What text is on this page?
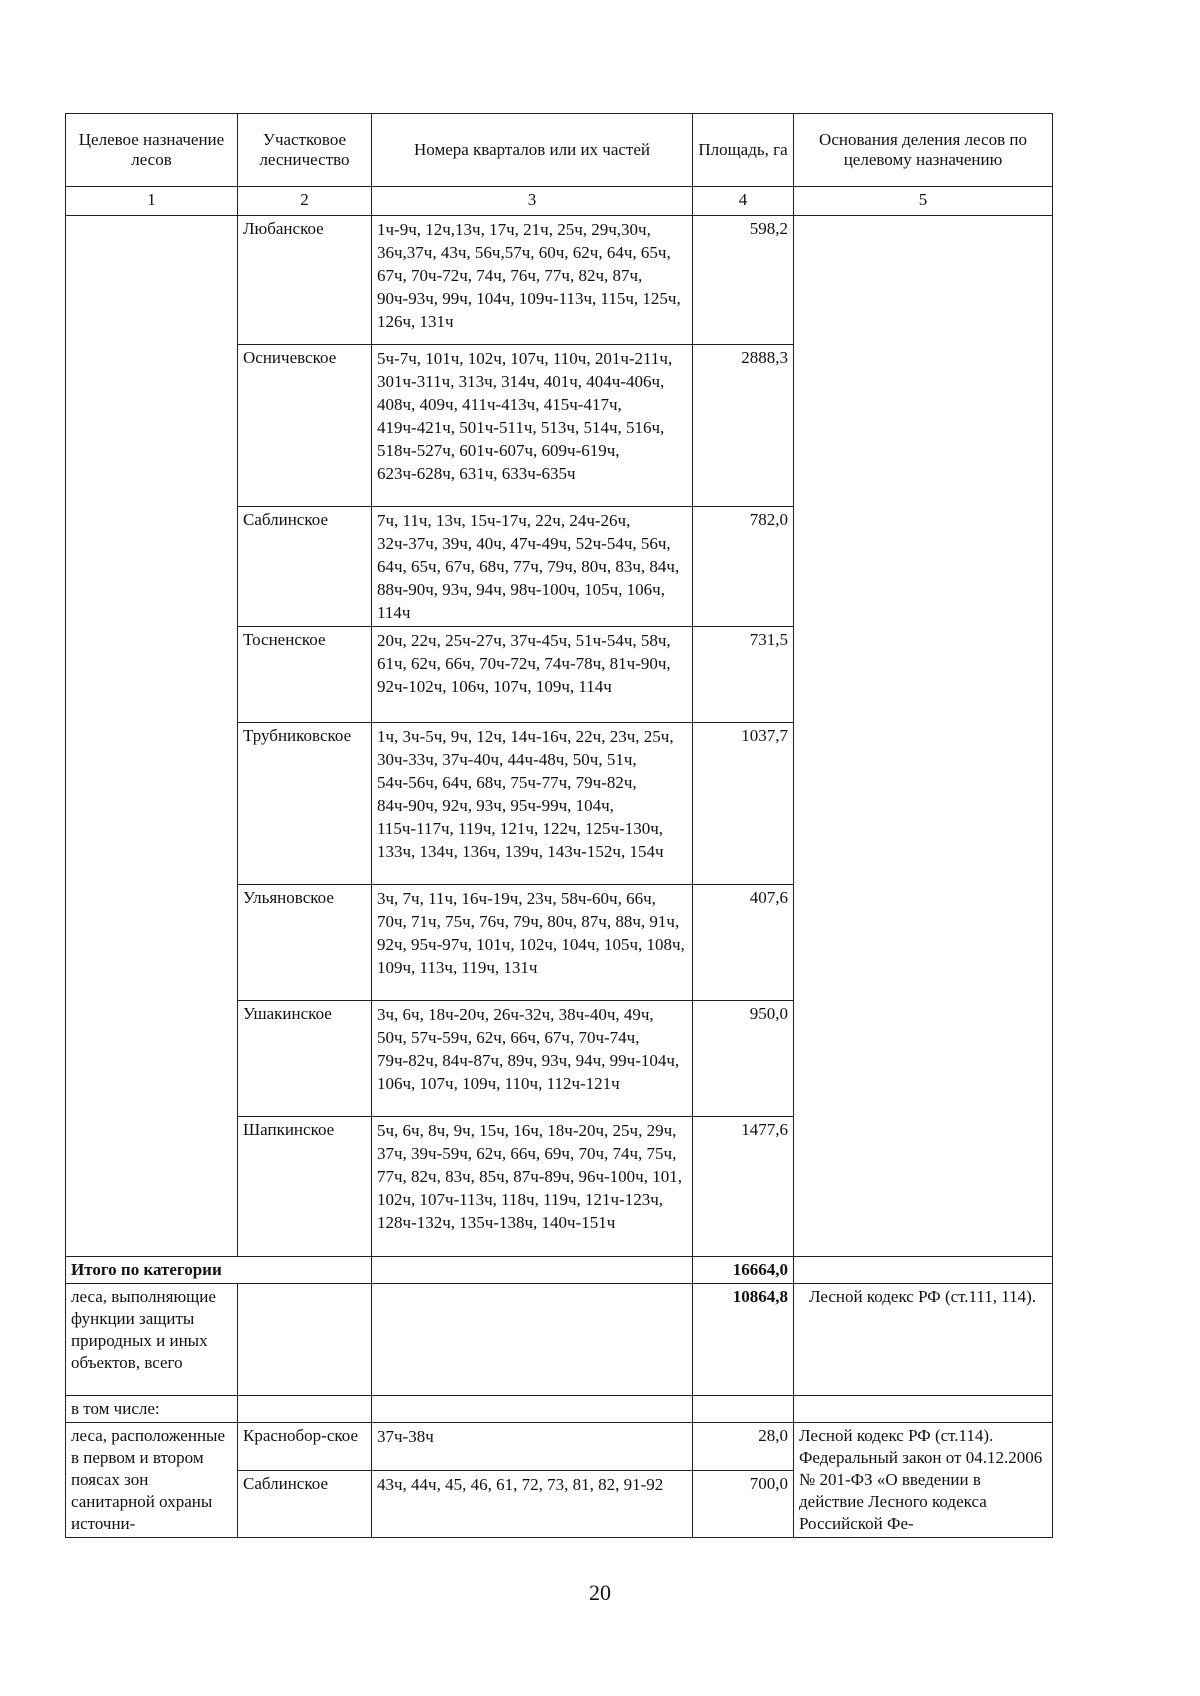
Целевое назначение лесов	Участковое лесничество	Номера кварталов или их частей	Площадь, га	Основания деления лесов по целевому назначению
1	2	3	4	5
	Любанское	1ч-9ч, 12ч,13ч, 17ч, 21ч, 25ч, 29ч,30ч, 36ч,37ч, 43ч, 56ч,57ч, 60ч, 62ч, 64ч, 65ч, 67ч, 70ч-72ч, 74ч, 76ч, 77ч, 82ч, 87ч, 90ч-93ч, 99ч, 104ч, 109ч-113ч, 115ч, 125ч, 126ч, 131ч	598,2	
	Осничевское	5ч-7ч, 101ч, 102ч, 107ч, 110ч, 201ч-211ч, 301ч-311ч, 313ч, 314ч, 401ч, 404ч-406ч, 408ч, 409ч, 411ч-413ч, 415ч-417ч, 419ч-421ч, 501ч-511ч, 513ч, 514ч, 516ч, 518ч-527ч, 601ч-607ч, 609ч-619ч, 623ч-628ч, 631ч, 633ч-635ч	2888,3	
	Саблинское	7ч, 11ч, 13ч, 15ч-17ч, 22ч, 24ч-26ч, 32ч-37ч, 39ч, 40ч, 47ч-49ч, 52ч-54ч, 56ч, 64ч, 65ч, 67ч, 68ч, 77ч, 79ч, 80ч, 83ч, 84ч, 88ч-90ч, 93ч, 94ч, 98ч-100ч, 105ч, 106ч, 114ч	782,0	
	Тосненское	20ч, 22ч, 25ч-27ч, 37ч-45ч, 51ч-54ч, 58ч, 61ч, 62ч, 66ч, 70ч-72ч, 74ч-78ч, 81ч-90ч, 92ч-102ч, 106ч, 107ч, 109ч, 114ч	731,5	
	Трубниковское	1ч, 3ч-5ч, 9ч, 12ч, 14ч-16ч, 22ч, 23ч, 25ч, 30ч-33ч, 37ч-40ч, 44ч-48ч, 50ч, 51ч, 54ч-56ч, 64ч, 68ч, 75ч-77ч, 79ч-82ч, 84ч-90ч, 92ч, 93ч, 95ч-99ч, 104ч, 115ч-117ч, 119ч, 121ч, 122ч, 125ч-130ч, 133ч, 134ч, 136ч, 139ч, 143ч-152ч, 154ч	1037,7	
	Ульяновское	3ч, 7ч, 11ч, 16ч-19ч, 23ч, 58ч-60ч, 66ч, 70ч, 71ч, 75ч, 76ч, 79ч, 80ч, 87ч, 88ч, 91ч, 92ч, 95ч-97ч, 101ч, 102ч, 104ч, 105ч, 108ч, 109ч, 113ч, 119ч, 131ч	407,6	
	Ушакинское	3ч, 6ч, 18ч-20ч, 26ч-32ч, 38ч-40ч, 49ч, 50ч, 57ч-59ч, 62ч, 66ч, 67ч, 70ч-74ч, 79ч-82ч, 84ч-87ч, 89ч, 93ч, 94ч, 99ч-104ч, 106ч, 107ч, 109ч, 110ч, 112ч-121ч	950,0	
	Шапкинское	5ч, 6ч, 8ч, 9ч, 15ч, 16ч, 18ч-20ч, 25ч, 29ч, 37ч, 39ч-59ч, 62ч, 66ч, 69ч, 70ч, 74ч, 75ч, 77ч, 82ч, 83ч, 85ч, 87ч-89ч, 96ч-100ч, 101, 102ч, 107ч-113ч, 118ч, 119ч, 121ч-123ч, 128ч-132ч, 135ч-138ч, 140ч-151ч	1477,6	
Итого по категории			16664,0	
леса, выполняющие функции защиты природных и иных объектов, всего			10864,8	Лесной кодекс РФ (ст.111, 114).
в том числе:				
леса, расположенные в первом и втором поясах зон санитарной охраны источни-	Краснобор-ское	37ч-38ч	28,0	Лесной кодекс РФ (ст.114). Федеральный закон от 04.12.2006 № 201-ФЗ «О введении в действие Лесного кодекса Российской Фе-
	Саблинское	43ч, 44ч, 45, 46, 61, 72, 73, 81, 82, 91-92	700,0	
20
